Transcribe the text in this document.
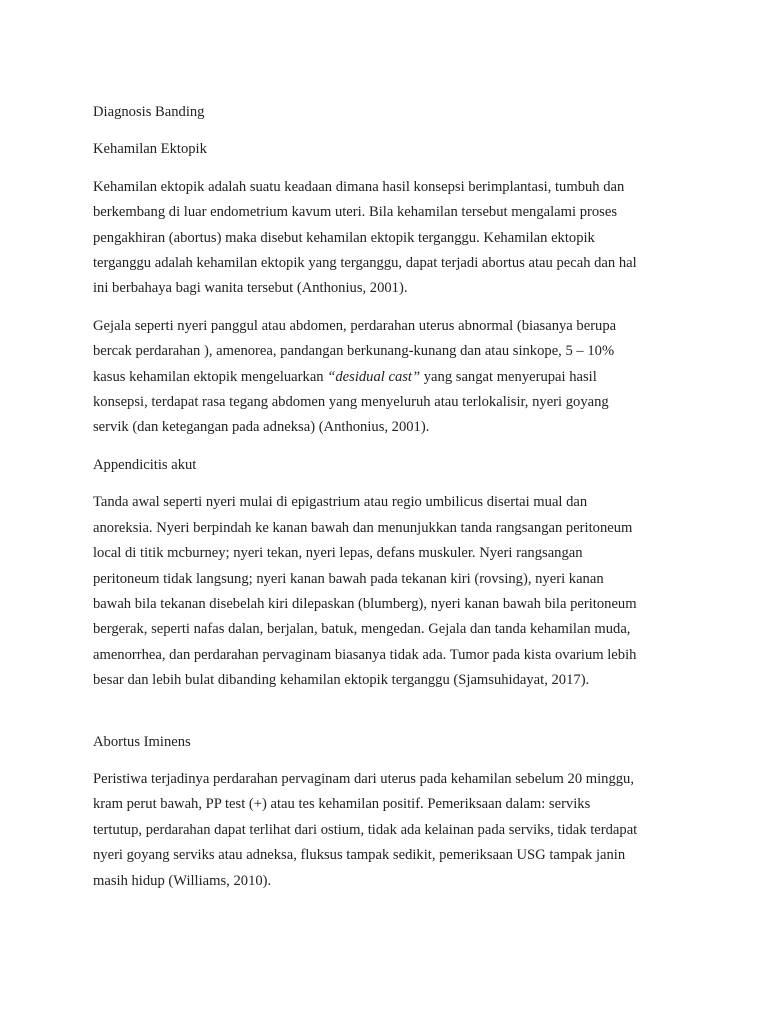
Diagnosis Banding

Kehamilan Ektopik

Kehamilan ektopik adalah suatu keadaan dimana hasil konsepsi berimplantasi, tumbuh dan
berkembang di luar endometrium kavum uteri. Bila kehamilan tersebut mengalami proses
pengakhiran (abortus) maka disebut kehamilan ektopik terganggu. Kehamilan ektopik
terganggu adalah kehamilan ektopik yang terganggu, dapat terjadi abortus atau pecah dan hal
ini berbahaya bagi wanita tersebut (Anthonius, 2001).

Gejala seperti nyeri panggul atau abdomen, perdarahan uterus abnormal (biasanya berupa
bercak perdarahan ), amenorea, pandangan berkunang-kunang dan atau sinkope, 5 – 10%
kasus kehamilan ektopik mengeluarkan “desidual cast” yang sangat menyerupai hasil
konsepsi, terdapat rasa tegang abdomen yang menyeluruh atau terlokalisir, nyeri goyang
servik (dan ketegangan pada adneksa) (Anthonius, 2001).

Appendicitis akut

Tanda awal seperti nyeri mulai di epigastrium atau regio umbilicus disertai mual dan
anoreksia. Nyeri berpindah ke kanan bawah dan menunjukkan tanda rangsangan peritoneum
local di titik mcburney; nyeri tekan, nyeri lepas, defans muskuler. Nyeri rangsangan
peritoneum tidak langsung; nyeri kanan bawah pada tekanan kiri (rovsing), nyeri kanan
bawah bila tekanan disebelah kiri dilepaskan (blumberg), nyeri kanan bawah bila peritoneum
bergerak, seperti nafas dalan, berjalan, batuk, mengedan. Gejala dan tanda kehamilan muda,
amenorrhea, dan perdarahan pervaginam biasanya tidak ada. Tumor pada kista ovarium lebih
besar dan lebih bulat dibanding kehamilan ektopik terganggu (Sjamsuhidayat, 2017).

Abortus Iminens

Peristiwa terjadinya perdarahan pervaginam dari uterus pada kehamilan sebelum 20 minggu,
kram perut bawah, PP test (+) atau tes kehamilan positif. Pemeriksaan dalam: serviks
tertutup, perdarahan dapat terlihat dari ostium, tidak ada kelainan pada serviks, tidak terdapat
nyeri goyang serviks atau adneksa, fluksus tampak sedikit, pemeriksaan USG tampak janin
masih hidup (Williams, 2010).
